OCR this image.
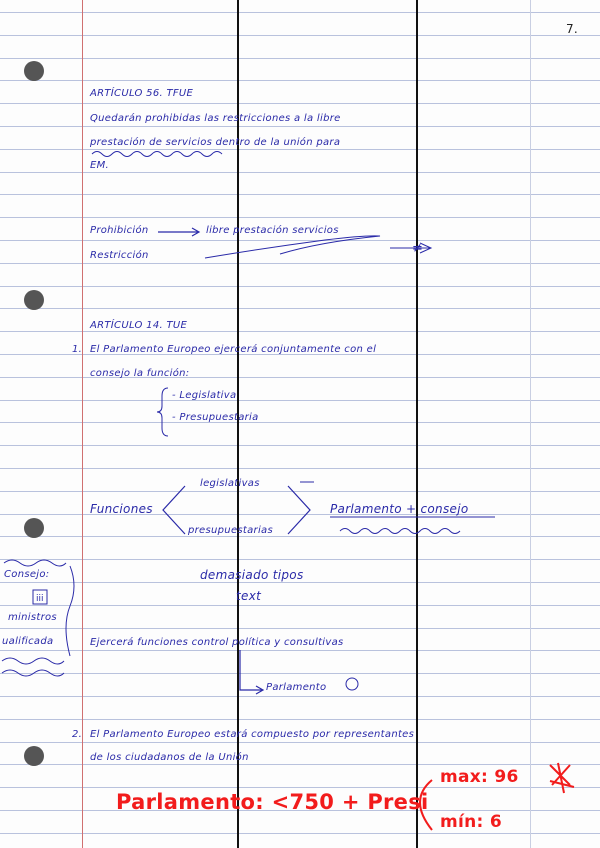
7.
ARTÍCULO 56. TFUE
Quedarán prohibidas las restricciones a la libre
prestación de servicios dentro de la unión para
EM.
Prohibición
Restricción
libre prestación servicios
≠
ARTÍCULO 14. TUE
1. El Parlamento Europeo ejercerá conjuntamente con el
consejo la función:
- Legislativa
- Presupuestaria
Funciones
legislativas
presupuestarias
Parlamento + consejo
Consejo:
ministros
ualificada
demasiado tipos
text
Ejercerá funciones control política y consultivas
Parlamento
2. El Parlamento Europeo estará compuesto por representantes
de los ciudadanos de la Unión
Parlamento: <750 + Presi
max: 96
mín: 6
iii
